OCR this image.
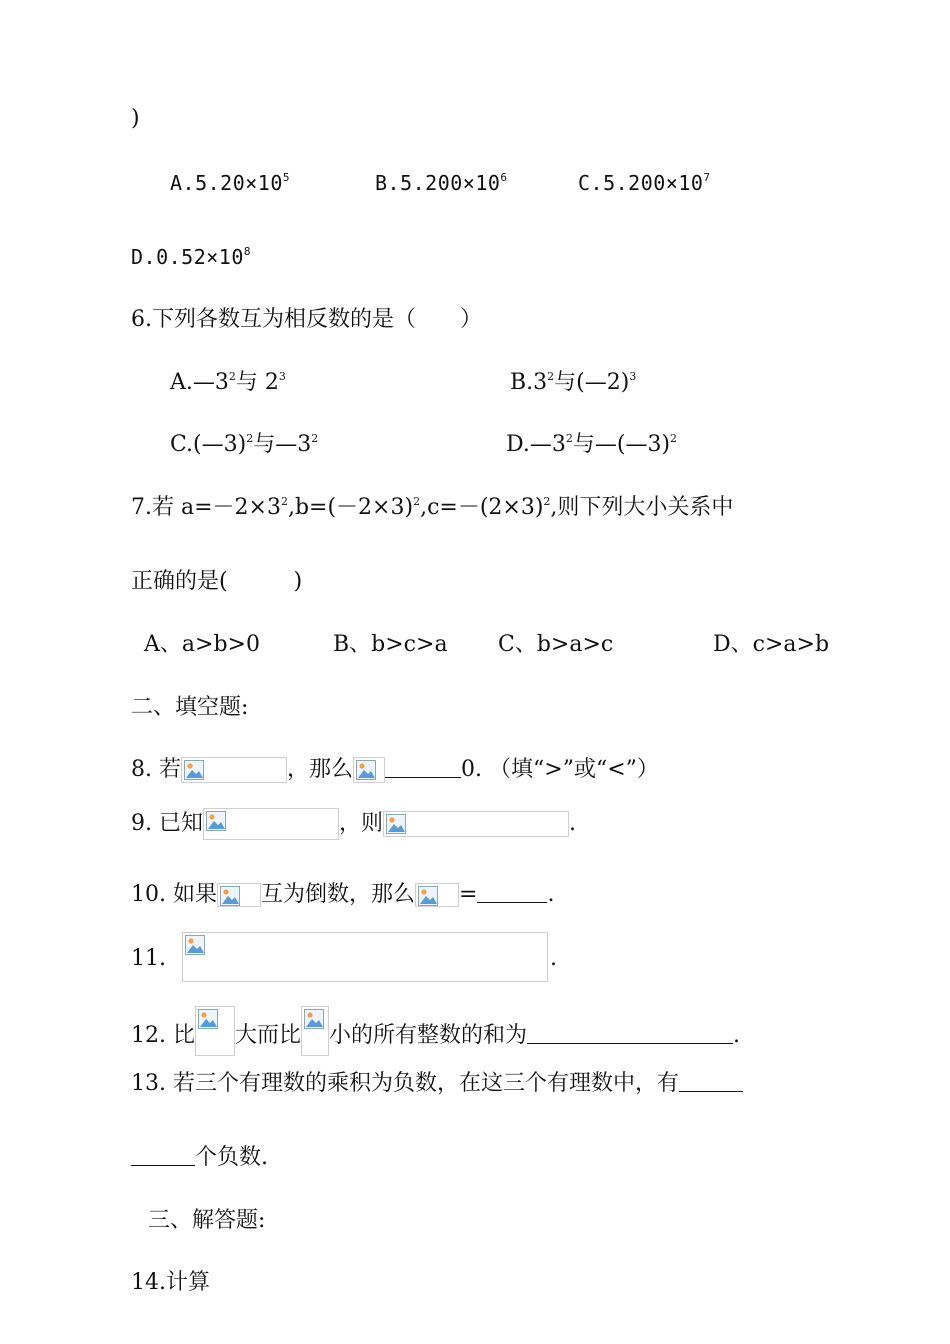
)
$A.5.20\times 10^5$	$B.5.200\times 10^6$	$C.5.200\times 10^7$
$D.0.52\times 10^8$
6.下列各数互为相反数的是（　　）
$A.—3^2$与 $2^3$	$B.3^2$与(—2)$^3$
C.(—3)$^2$与$—3^2$	$D.—3^2$与—(—3)$^2$
7.若 $a=-2\times 3^2,b=(-2\times 3)^2,c=-(2\times 3)^2$,则下列大小关系中
正确的是(　　　)
A、a>b>0	B、b>c>a C、b>a>c	D、c>a>b
二、填空题:
8. 若	，那么	0. （填“>”或“<”）
9. 已知	，则	.
10. 如果 互为倒数，那么 =	.
11.	.
12. 比 大而比 小的所有整数的和为	.
13. 若三个有理数的乘积为负数，在这三个有理数中，有
个负数.
三、解答题:
14.计算
